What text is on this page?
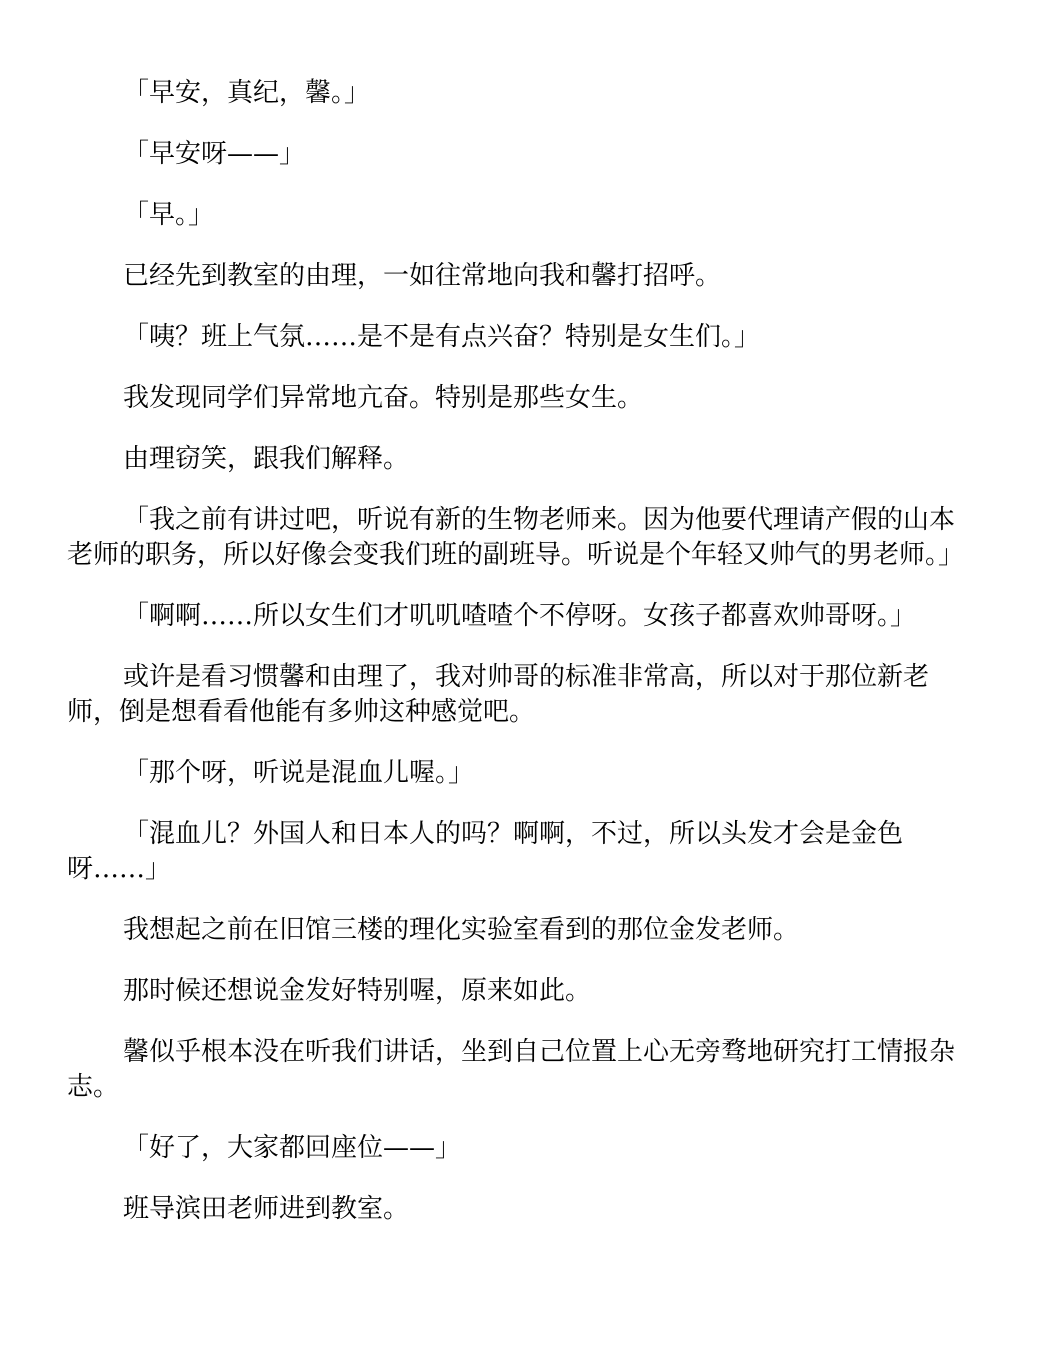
「早安，真纪，馨。」

「早安呀——」

「早。」

已经先到教室的由理，一如往常地向我和馨打招呼。

「咦？班上气氛……是不是有点兴奋？特别是女生们。」

我发现同学们异常地亢奋。特别是那些女生。

由理窃笑，跟我们解释。

「我之前有讲过吧，听说有新的生物老师来。因为他要代理请产假的山本老师的职务，所以好像会变我们班的副班导。听说是个年轻又帅气的男老师。」

「啊啊……所以女生们才叽叽喳喳个不停呀。女孩子都喜欢帅哥呀。」

或许是看习惯馨和由理了，我对帅哥的标准非常高，所以对于那位新老师，倒是想看看他能有多帅这种感觉吧。

「那个呀，听说是混血儿喔。」

「混血儿？外国人和日本人的吗？啊啊，不过，所以头发才会是金色呀……」

我想起之前在旧馆三楼的理化实验室看到的那位金发老师。

那时候还想说金发好特别喔，原来如此。

馨似乎根本没在听我们讲话，坐到自己位置上心无旁骛地研究打工情报杂志。

「好了，大家都回座位——」

班导滨田老师进到教室。
